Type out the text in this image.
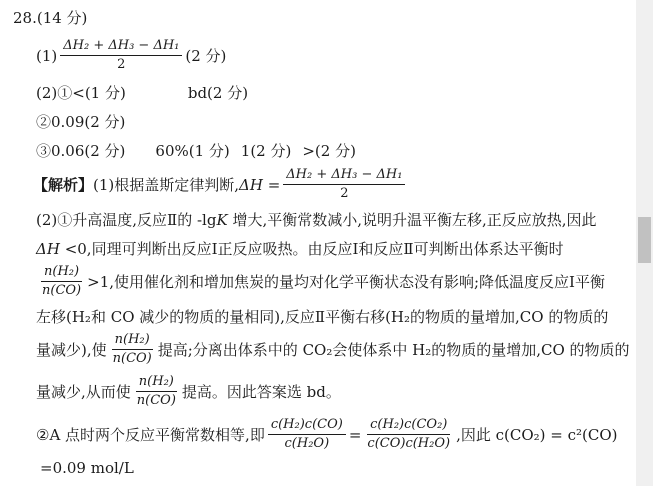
28.(14 分)
$(1) \frac{\text{ΔH₂ + ΔH₃ − ΔH₁}}{2} (2$ 分)
(2)①<(1 分)	bd(2 分)
②0.09(2 分)
③0.06(2 分) 60%(1 分) 1(2 分) >(2 分)
【解析】 (1)根据盖斯定律判断, $\Delta H = \frac{\text{ΔH₂ + ΔH₃ − ΔH₁}}{2}$
(2)①升高温度,反应Ⅱ的 -lg K 增大,平衡常数减小,说明升温平衡左移,正反应放热,因此
ΔH <0,同理可判断出反应Ⅰ正反应吸热。由反应Ⅰ和反应Ⅱ可判断出体系达平衡时
$\frac{\text{n(H₂)}}{n(CO)} >1$,使用催化剂和增加焦炭的量均对化学平衡状态没有影响;降低温度反应Ⅰ平衡
左移(H₂和 CO 减少的物质的量相同),反应Ⅱ平衡右移(H₂的物质的量增加,CO 的物质的
量减少),使 $\frac{\text{n(H₂)}}{n(CO)}$ 提高;分离出体系中的 CO₂会使体系中 H₂的物质的量增加,CO 的物质的
量减少,从而使 $\frac{\text{n(H₂)}}{n(CO)}$ 提高。因此答案选 bd。
②A 点时两个反应平衡常数相等,即 $\frac{\text{c(H₂)c(CO)}}{\text{c(H₂O)}} = \frac{\text{c(H₂)c(CO₂)}}{\text{c(CO)c(H₂O)}}$ ,因此 c(CO₂) = c²(CO)
=0.09 mol/L
